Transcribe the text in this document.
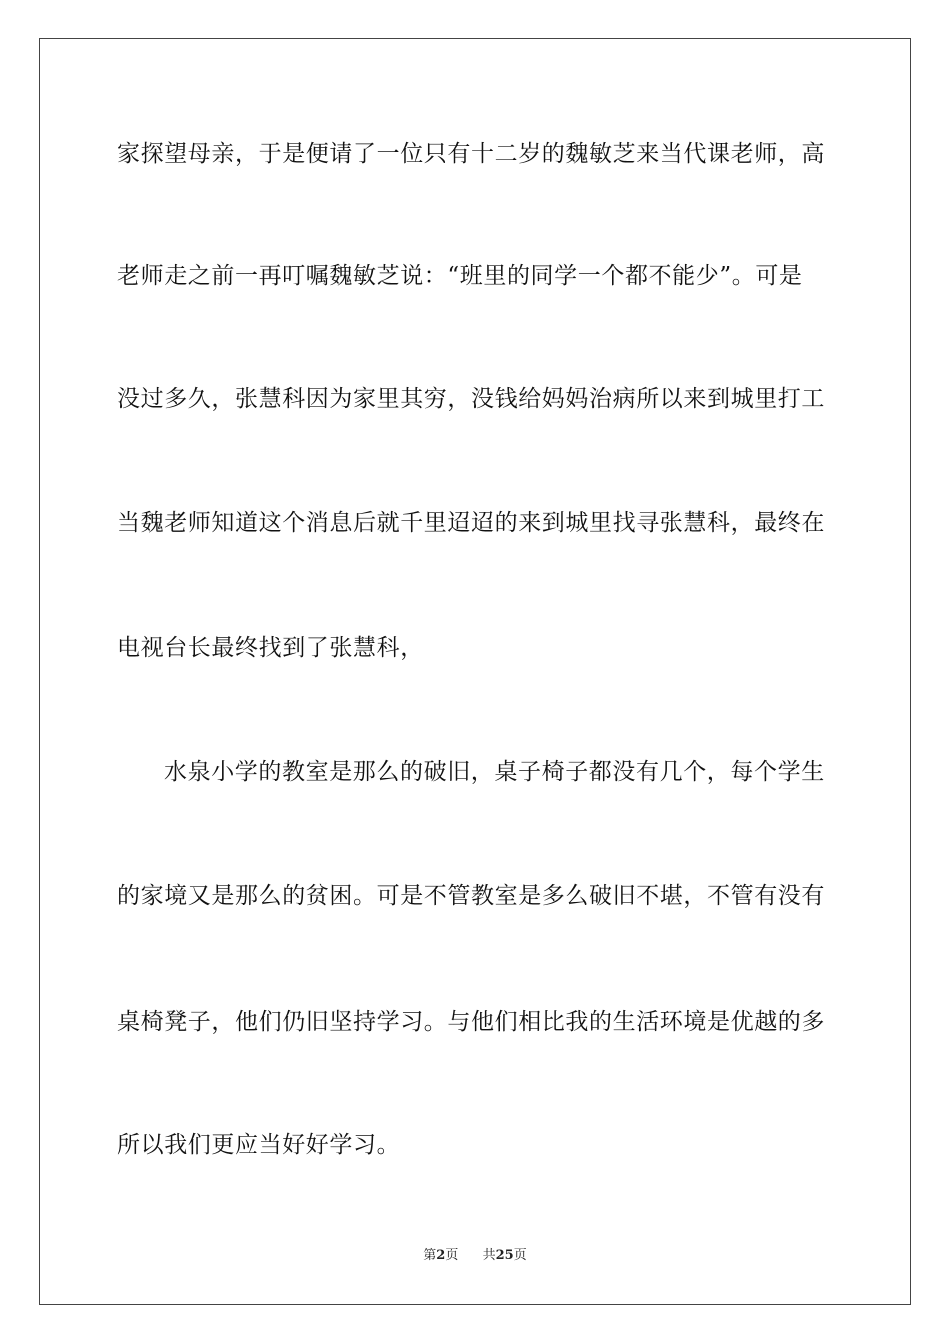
家探望母亲，于是便请了一位只有十二岁的魏敏芝来当代课老师，高
老师走之前一再叮嘱魏敏芝说：“班里的同学一个都不能少”。可是
没过多久，张慧科因为家里其穷，没钱给妈妈治病所以来到城里打工
当魏老师知道这个消息后就千里迢迢的来到城里找寻张慧科，最终在
电视台长最终找到了张慧科，
水泉小学的教室是那么的破旧，桌子椅子都没有几个，每个学生
的家境又是那么的贫困。可是不管教室是多么破旧不堪，不管有没有
桌椅凳子，他们仍旧坚持学习。与他们相比我的生活环境是优越的多
所以我们更应当好好学习。
第2页 共25页
